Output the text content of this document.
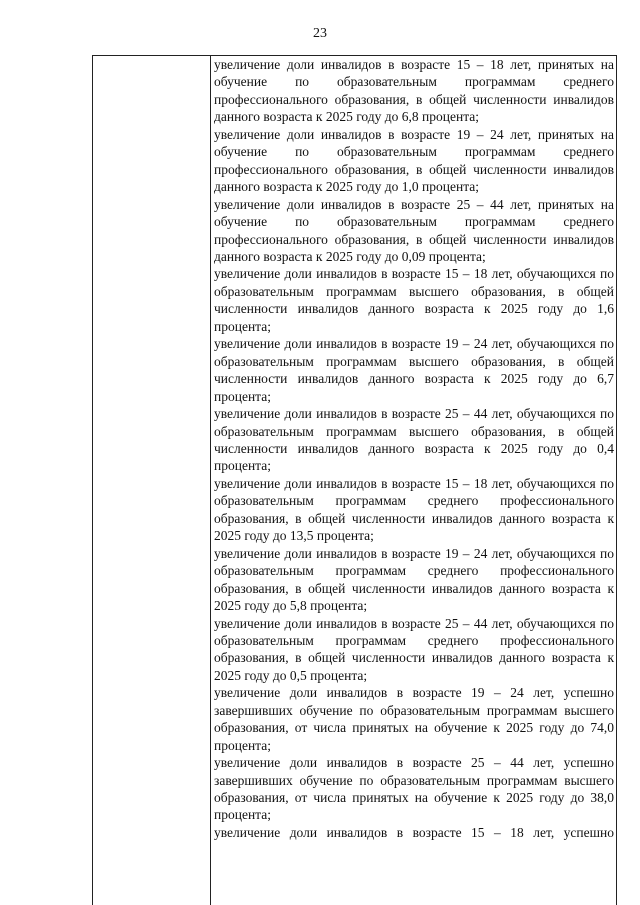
23

увеличение доли инвалидов в возрасте 15 – 18 лет, принятых на обучение по образовательным программам среднего профессионального образования, в общей численности инвалидов данного возраста к 2025 году до 6,8 процента;

увеличение доли инвалидов в возрасте 19 – 24 лет, принятых на обучение по образовательным программам среднего профессионального образования, в общей численности инвалидов данного возраста к 2025 году до 1,0 процента;

увеличение доли инвалидов в возрасте 25 – 44 лет, принятых на обучение по образовательным программам среднего профессионального образования, в общей численности инвалидов данного возраста к 2025 году до 0,09 процента;

увеличение доли инвалидов в возрасте 15 – 18 лет, обучающихся по образовательным программам высшего образования, в общей численности инвалидов данного возраста к 2025 году до 1,6 процента;

увеличение доли инвалидов в возрасте 19 – 24 лет, обучающихся по образовательным программам высшего образования, в общей численности инвалидов данного возраста к 2025 году до 6,7 процента;

увеличение доли инвалидов в возрасте 25 – 44 лет, обучающихся по образовательным программам высшего образования, в общей численности инвалидов данного возраста к 2025 году до 0,4 процента;

увеличение доли инвалидов в возрасте 15 – 18 лет, обучающихся по образовательным программам среднего профессионального образования, в общей численности инвалидов данного возраста к 2025 году до 13,5 процента;

увеличение доли инвалидов в возрасте 19 – 24 лет, обучающихся по образовательным программам среднего профессионального образования, в общей численности инвалидов данного возраста к 2025 году до 5,8 процента;

увеличение доли инвалидов в возрасте 25 – 44 лет, обучающихся по образовательным программам среднего профессионального образования, в общей численности инвалидов данного возраста к 2025 году до 0,5 процента;

увеличение доли инвалидов в возрасте 19 – 24 лет, успешно завершивших обучение по образовательным программам высшего образования, от числа принятых на обучение к 2025 году до 74,0 процента;

увеличение доли инвалидов в возрасте 25 – 44 лет, успешно завершивших обучение по образовательным программам высшего образования, от числа принятых на обучение к 2025 году до 38,0 процента;

увеличение доли инвалидов в возрасте 15 – 18 лет, успешно
